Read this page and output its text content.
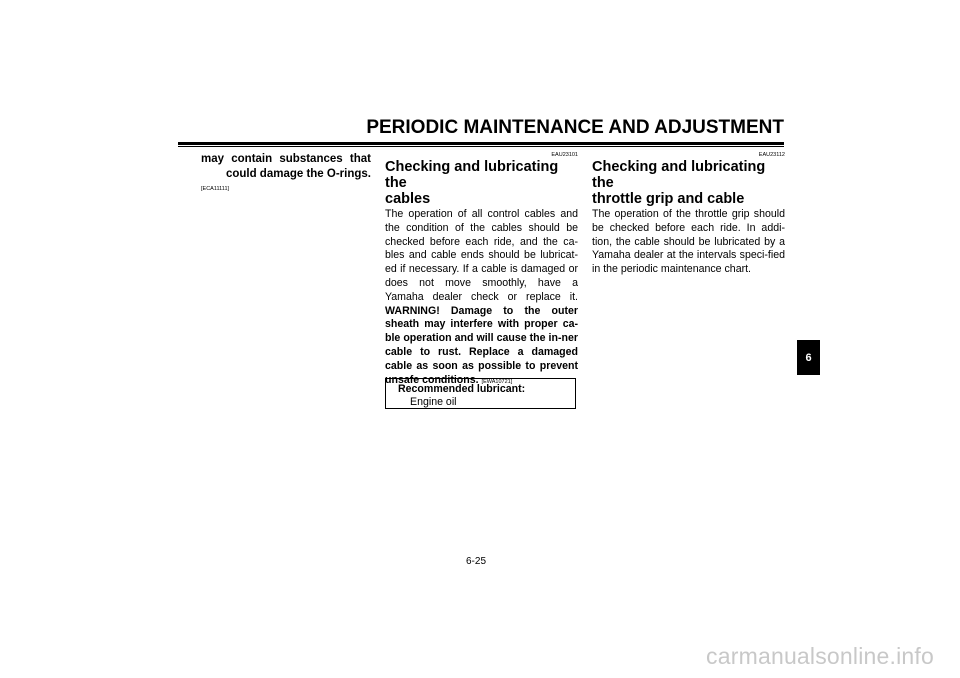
PERIODIC MAINTENANCE AND ADJUSTMENT
may contain substances that
could damage the O-rings.
[ECA11111]
EAU23101
Checking and lubricating the
cables

The operation of all control cables and the condition of the cables should be checked before each ride, and the ca-bles and cable ends should be lubricat-ed if necessary. If a cable is damaged or does not move smoothly, have a Yamaha dealer check or replace it. WARNING! Damage to the outer sheath may interfere with proper ca-ble operation and will cause the in-ner cable to rust. Replace a damaged cable as soon as possible to prevent unsafe conditions. [EWA10721]

Recommended lubricant:
Engine oil
EAU23112
Checking and lubricating the
throttle grip and cable

The operation of the throttle grip should be checked before each ride. In addi-tion, the cable should be lubricated by a Yamaha dealer at the intervals speci-fied in the periodic maintenance chart.

6
6-25
carmanualsonline.info
